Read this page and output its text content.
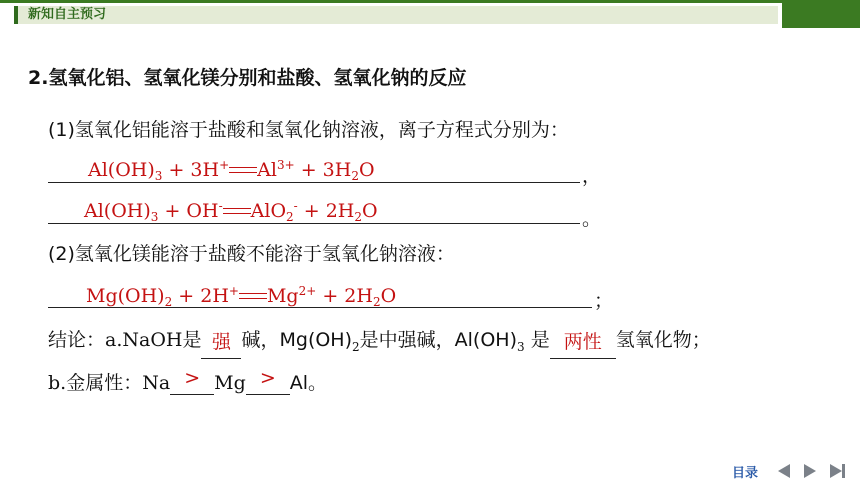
新知自主预习
2.氢氧化铝、氢氧化镁分别和盐酸、氢氧化钠的反应
(1)氢氧化铝能溶于盐酸和氢氧化钠溶液，离子方程式分别为：
$Al(OH)_3 + 3H^+$ $Al^{3+} + 3H_2O$	，
$Al(OH)_3 + OH^-$ $AlO_2^- + 2H_2O$	。
(2)氢氧化镁能溶于盐酸不能溶于氢氧化钠溶液：
$Mg(OH)_2 + 2H^+$ $Mg^{2+} + 2H_2O$	；
结论：a.NaOH是 强 碱，$Mg(OH)_2$是中强碱，$Al(OH)_3$ 是 两性 氢氧化物；
b.金属性：Na > Mg > Al。
目录
